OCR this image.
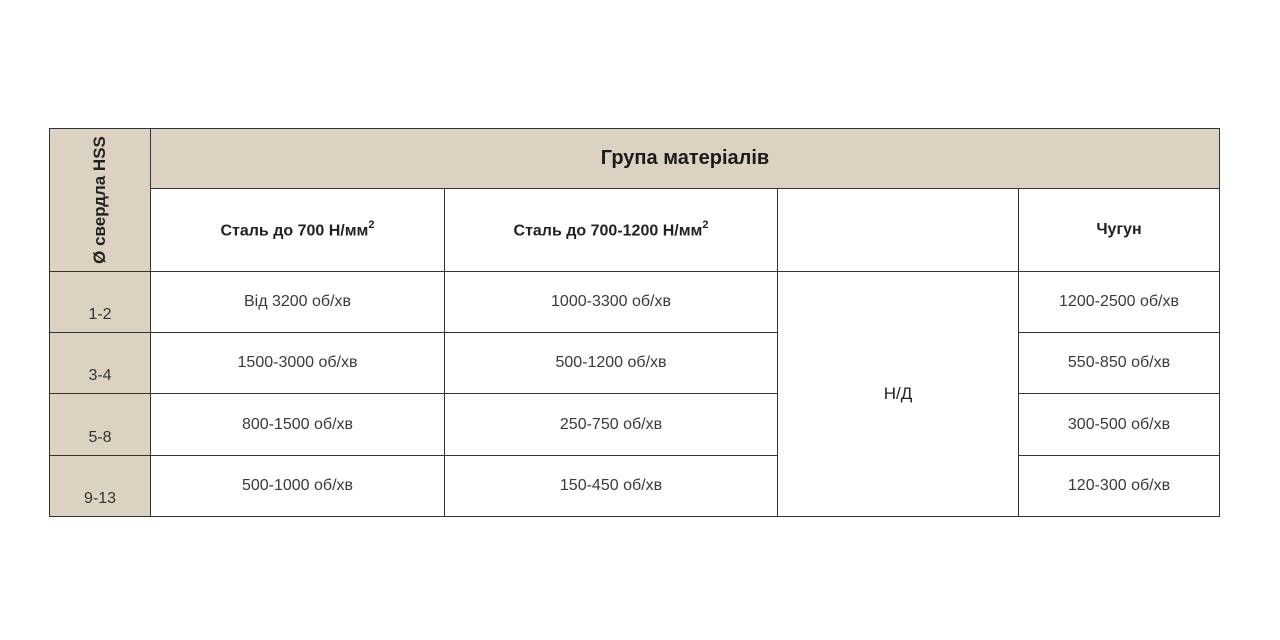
Ø свердла HSS	Група матеріалів			
	Сталь до 700 $Н/мм^2$	Сталь до 700-1200 $Н/мм^2$		Чугун
1-2	Від 3200 об/хв	1000-3300 об/хв	Н/Д	1200-2500 об/хв
3-4	1500-3000 об/хв	500-1200 об/хв		550-850 об/хв
5-8	800-1500 об/хв	250-750 об/хв		300-500 об/хв
9-13	500-1000 об/хв	150-450 об/хв		120-300 об/хв
